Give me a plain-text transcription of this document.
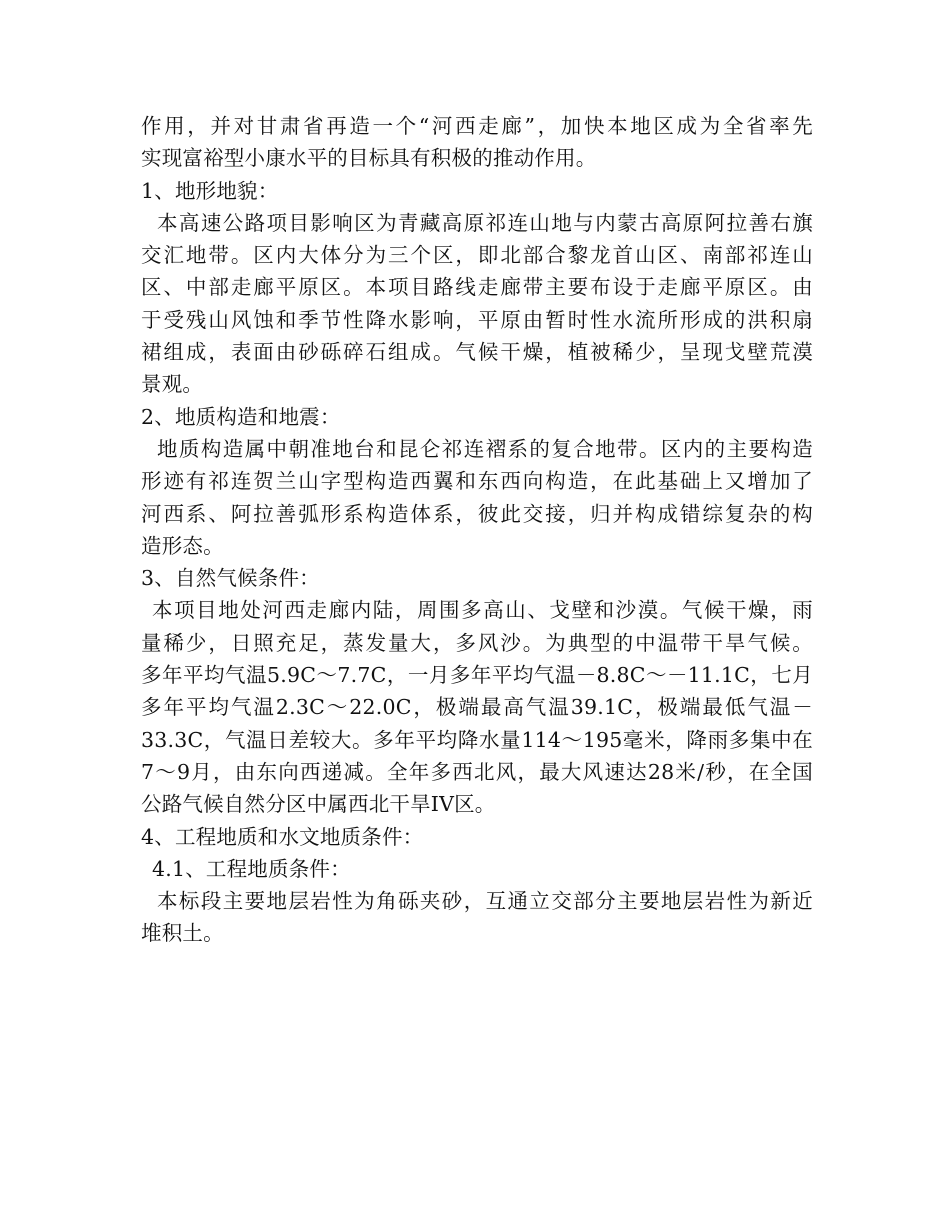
作用，并对甘肃省再造一个“河西走廊”，加快本地区成为全省率先
实现富裕型小康水平的目标具有积极的推动作用。
1、地形地貌：
本高速公路项目影响区为青藏高原祁连山地与内蒙古高原阿拉善右旗
交汇地带。区内大体分为三个区，即北部合黎龙首山区、南部祁连山
区、中部走廊平原区。本项目路线走廊带主要布设于走廊平原区。由
于受残山风蚀和季节性降水影响，平原由暂时性水流所形成的洪积扇
裙组成，表面由砂砾碎石组成。气候干燥，植被稀少，呈现戈壁荒漠
景观。
2、地质构造和地震：
地质构造属中朝准地台和昆仑祁连褶系的复合地带。区内的主要构造
形迹有祁连贺兰山字型构造西翼和东西向构造，在此基础上又增加了
河西系、阿拉善弧形系构造体系，彼此交接，归并构成错综复杂的构
造形态。
3、自然气候条件：
本项目地处河西走廊内陆，周围多高山、戈壁和沙漠。气候干燥，雨
量稀少，日照充足，蒸发量大，多风沙。为典型的中温带干旱气候。
多年平均气温5.9C～7.7C，一月多年平均气温－8.8C～－11.1C，七月
多年平均气温2.3C～22.0C，极端最高气温39.1C，极端最低气温－
33.3C，气温日差较大。多年平均降水量114～195毫米，降雨多集中在
7～9月，由东向西递减。全年多西北风，最大风速达28米/秒，在全国
公路气候自然分区中属西北干旱IV区。
4、工程地质和水文地质条件：
4.1、工程地质条件：
本标段主要地层岩性为角砾夹砂，互通立交部分主要地层岩性为新近
堆积土。
